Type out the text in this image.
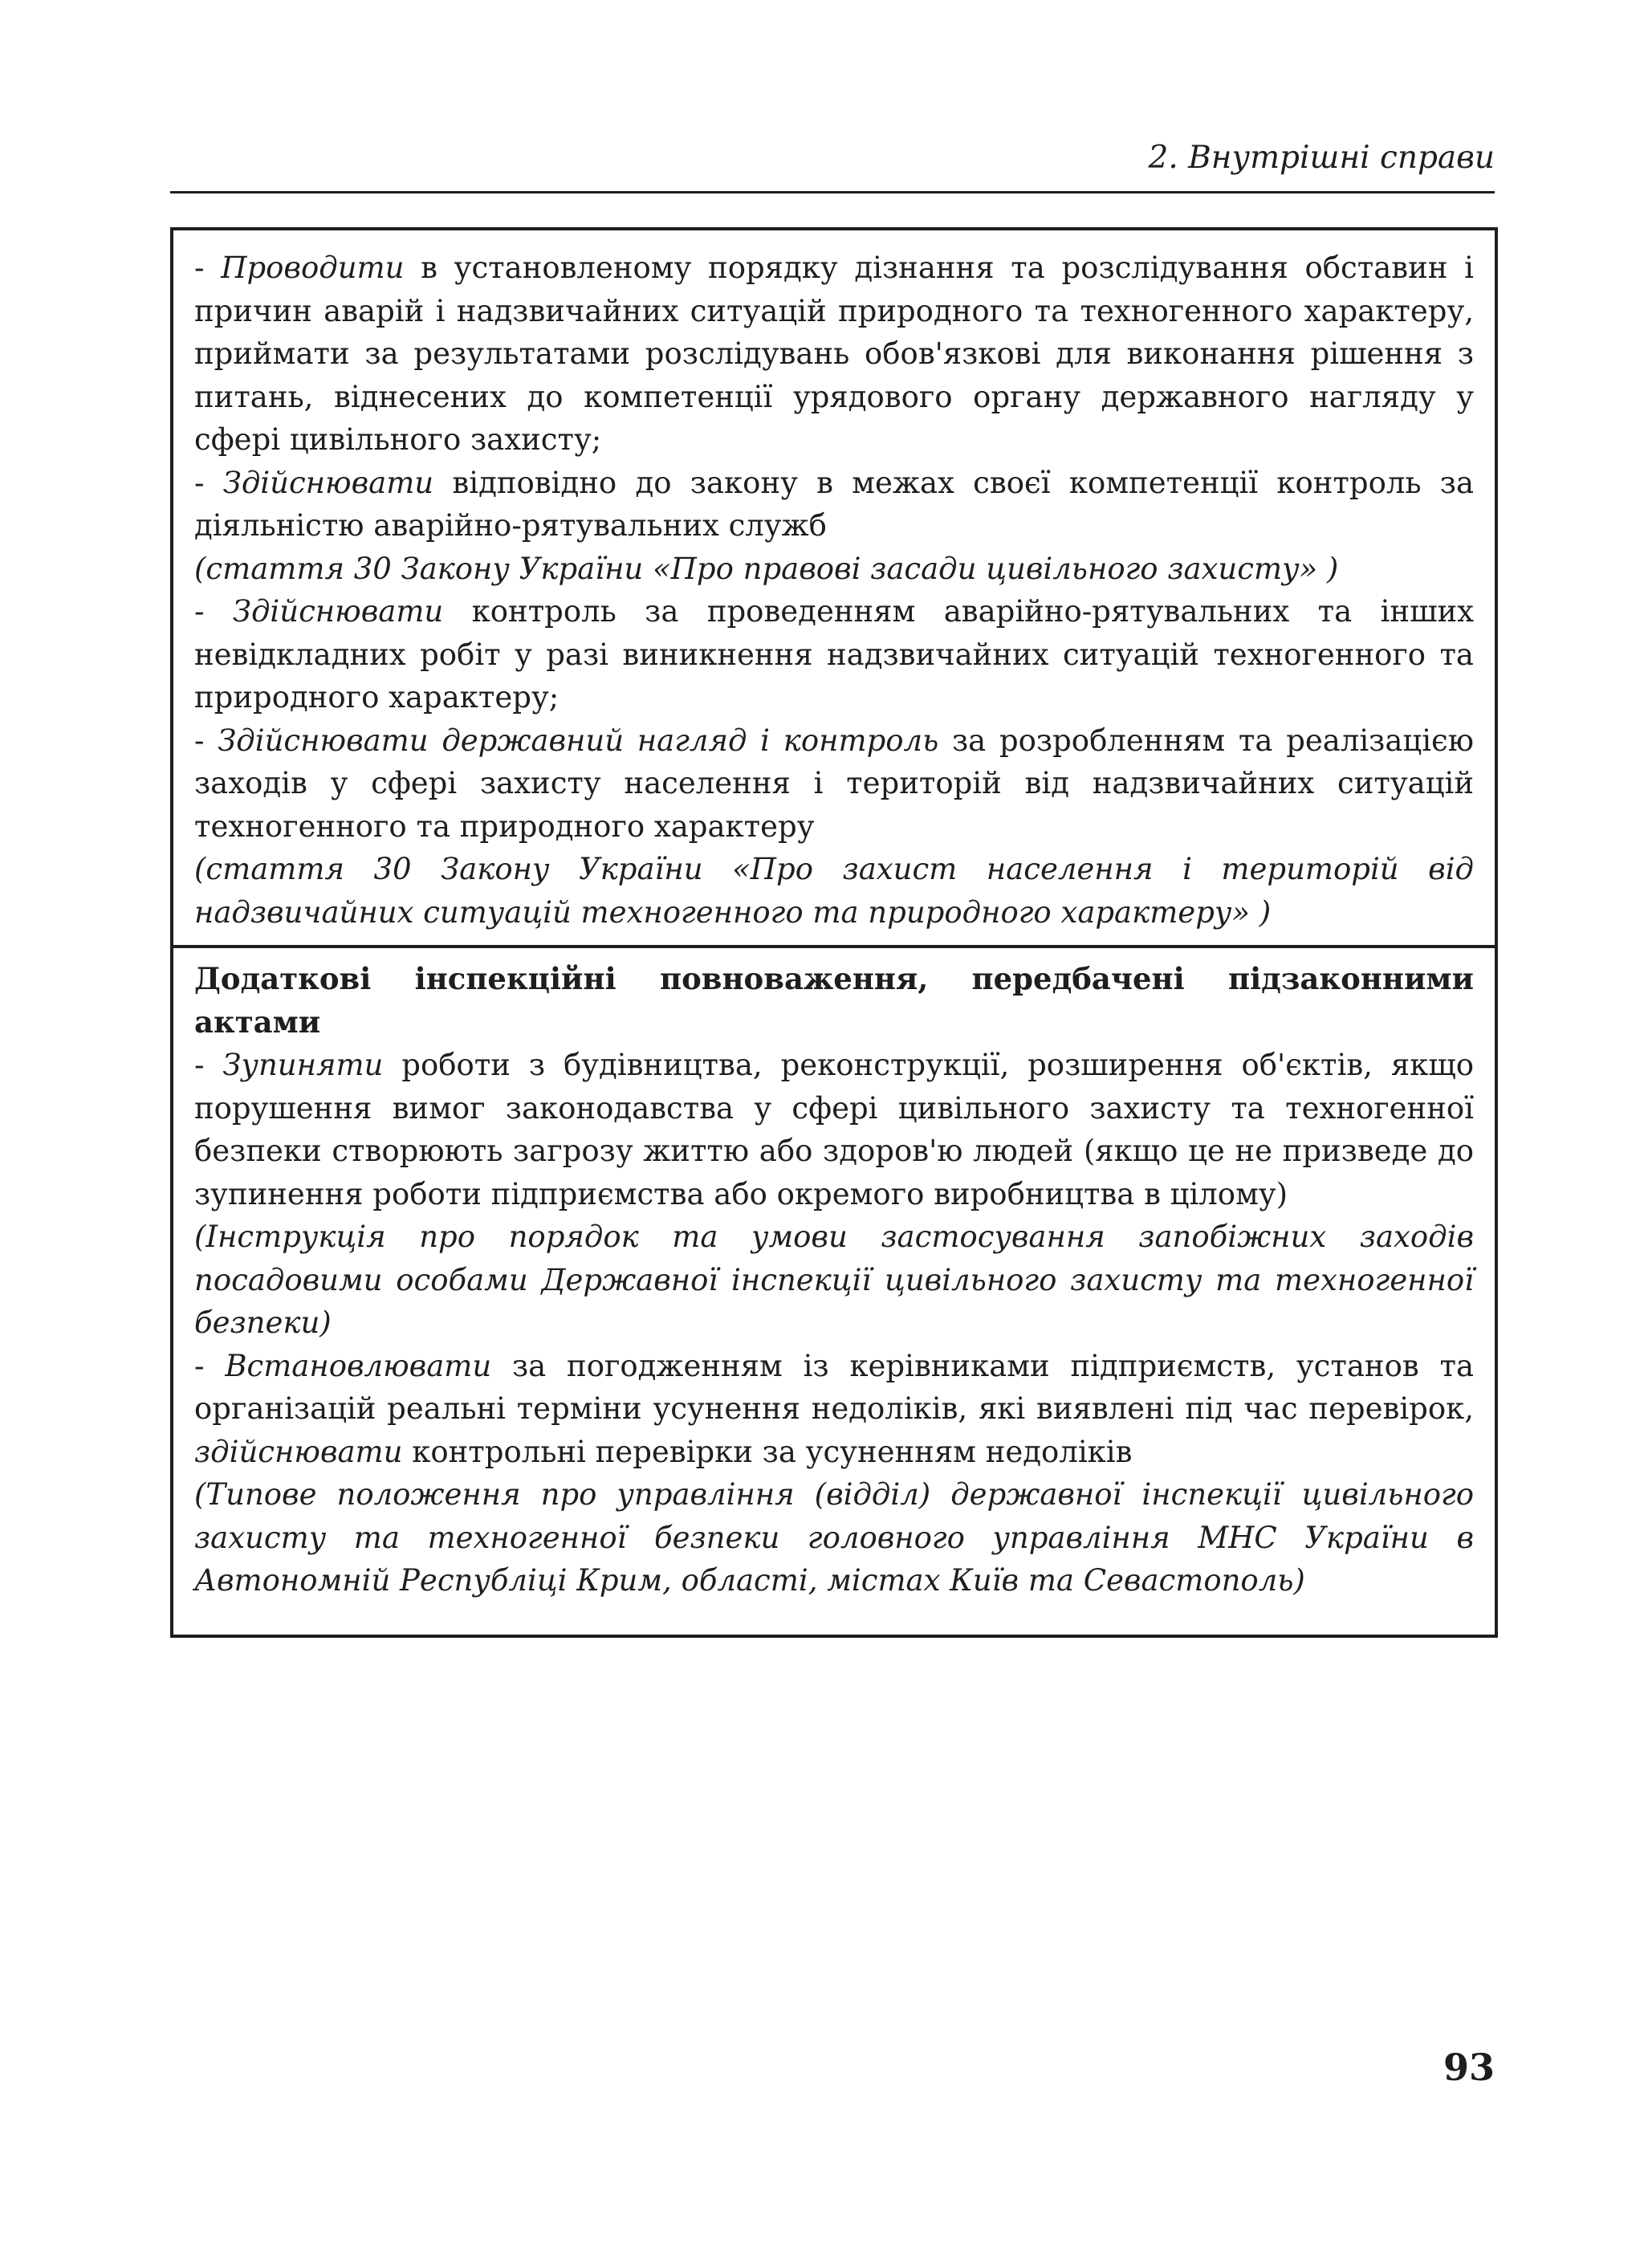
2. Внутрішні справи

- Проводити в установленому порядку дізнання та розслідування обставин і причин аварій і надзвичайних ситуацій природного та техногенного характеру, приймати за результатами розслідувань обов'язкові для виконання рішення з питань, віднесених до компетенції урядового органу державного нагляду у сфері цивільного захисту;

- Здійснювати відповідно до закону в межах своєї компетенції контроль за діяльністю аварійно-рятувальних служб

(стаття 30 Закону України «Про правові засади цивільного захисту» )

- Здійснювати контроль за проведенням аварійно-рятувальних та інших невідкладних робіт у разі виникнення надзвичайних ситуацій техногенного та природного характеру;

- Здійснювати державний нагляд і контроль за розробленням та реалізацією заходів у сфері захисту населення і територій від надзвичайних ситуацій техногенного та природного характеру

(стаття 30 Закону України «Про захист населення і територій від надзвичайних ситуацій техногенного та природного характеру» )

Додаткові інспекційні повноваження, передбачені підзаконними актами

- Зупиняти роботи з будівництва, реконструкції, розширення об'єктів, якщо порушення вимог законодавства у сфері цивільного захисту та техногенної безпеки створюють загрозу життю або здоров'ю людей (якщо це не призведе до зупинення роботи підприємства або окремого виробництва в цілому)

(Інструкція про порядок та умови застосування запобіжних заходів посадовими особами Державної інспекції цивільного захисту та техногенної безпеки)

- Встановлювати за погодженням із керівниками підприємств, установ та організацій реальні терміни усунення недоліків, які виявлені під час перевірок, здійснювати контрольні перевірки за усуненням недоліків

(Типове положення про управління (відділ) державної інспекції цивільного захисту та техногенної безпеки головного управління МНС України в Автономній Республіці Крим, області, містах Київ та Севастополь)

93
